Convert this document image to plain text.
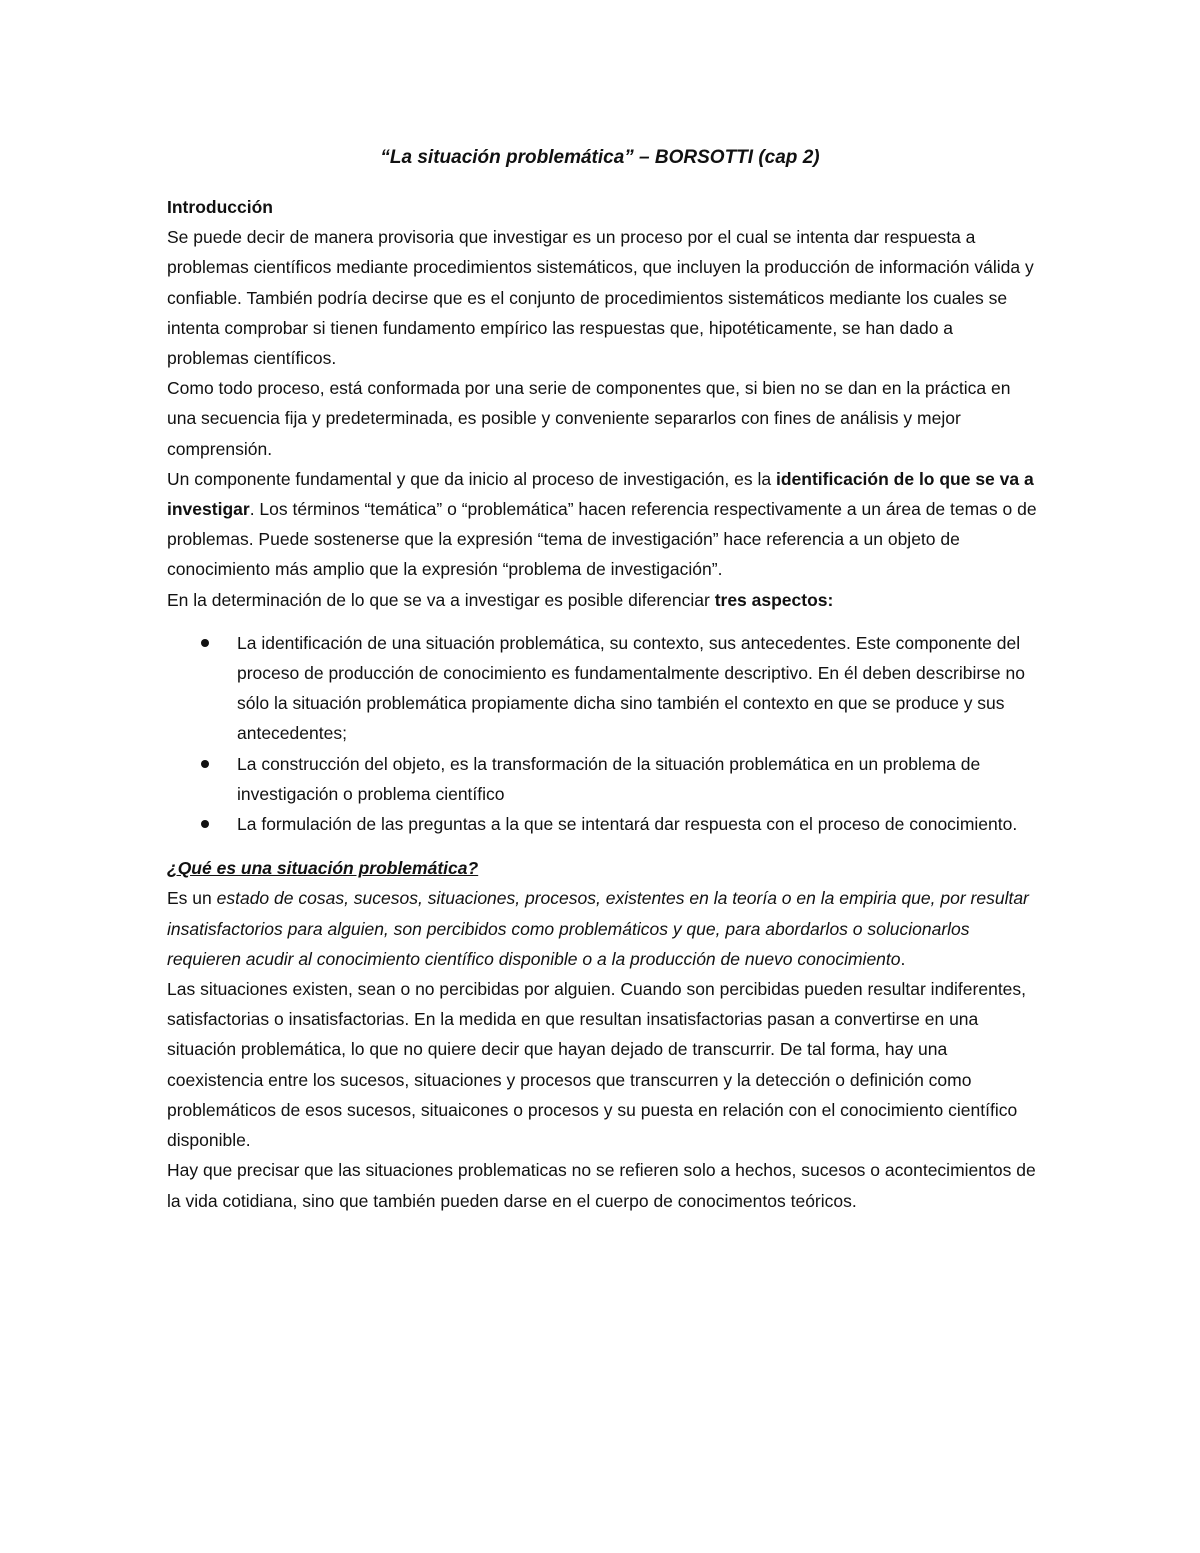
“La situación problemática” – BORSOTTI (cap 2)

Introducción

Se puede decir de manera provisoria que investigar es un proceso por el cual se intenta dar respuesta a problemas científicos mediante procedimientos sistemáticos, que incluyen la producción de información válida y confiable. También podría decirse que es el conjunto de procedimientos sistemáticos mediante los cuales se intenta comprobar si tienen fundamento empírico las respuestas que, hipotéticamente, se han dado a problemas científicos.

Como todo proceso, está conformada por una serie de componentes que, si bien no se dan en la práctica en una secuencia fija y predeterminada, es posible y conveniente separarlos con fines de análisis y mejor comprensión.

Un componente fundamental y que da inicio al proceso de investigación, es la identificación de lo que se va a investigar. Los términos “temática” o “problemática” hacen referencia respectivamente a un área de temas o de problemas. Puede sostenerse que la expresión “tema de investigación” hace referencia a un objeto de conocimiento más amplio que la expresión “problema de investigación”.

En la determinación de lo que se va a investigar es posible diferenciar tres aspectos:

La identificación de una situación problemática, su contexto, sus antecedentes. Este componente del proceso de producción de conocimiento es fundamentalmente descriptivo. En él deben describirse no sólo la situación problemática propiamente dicha sino también el contexto en que se produce y sus antecedentes;
La construcción del objeto, es la transformación de la situación problemática en un problema de investigación o problema científico
La formulación de las preguntas a la que se intentará dar respuesta con el proceso de conocimiento.

¿Qué es una situación problemática?

Es un estado de cosas, sucesos, situaciones, procesos, existentes en la teoría o en la empiria que, por resultar insatisfactorios para alguien, son percibidos como problemáticos y que, para abordarlos o solucionarlos requieren acudir al conocimiento científico disponible o a la producción de nuevo conocimiento.

Las situaciones existen, sean o no percibidas por alguien. Cuando son percibidas pueden resultar indiferentes, satisfactorias o insatisfactorias. En la medida en que resultan insatisfactorias pasan a convertirse en una situación problemática, lo que no quiere decir que hayan dejado de transcurrir. De tal forma, hay una coexistencia entre los sucesos, situaciones y procesos que transcurren y la detección o definición como problemáticos de esos sucesos, situaicones o procesos y su puesta en relación con el conocimiento científico disponible.

Hay que precisar que las situaciones problematicas no se refieren solo a hechos, sucesos o acontecimientos de la vida cotidiana, sino que también pueden darse en el cuerpo de conocimentos teóricos.
